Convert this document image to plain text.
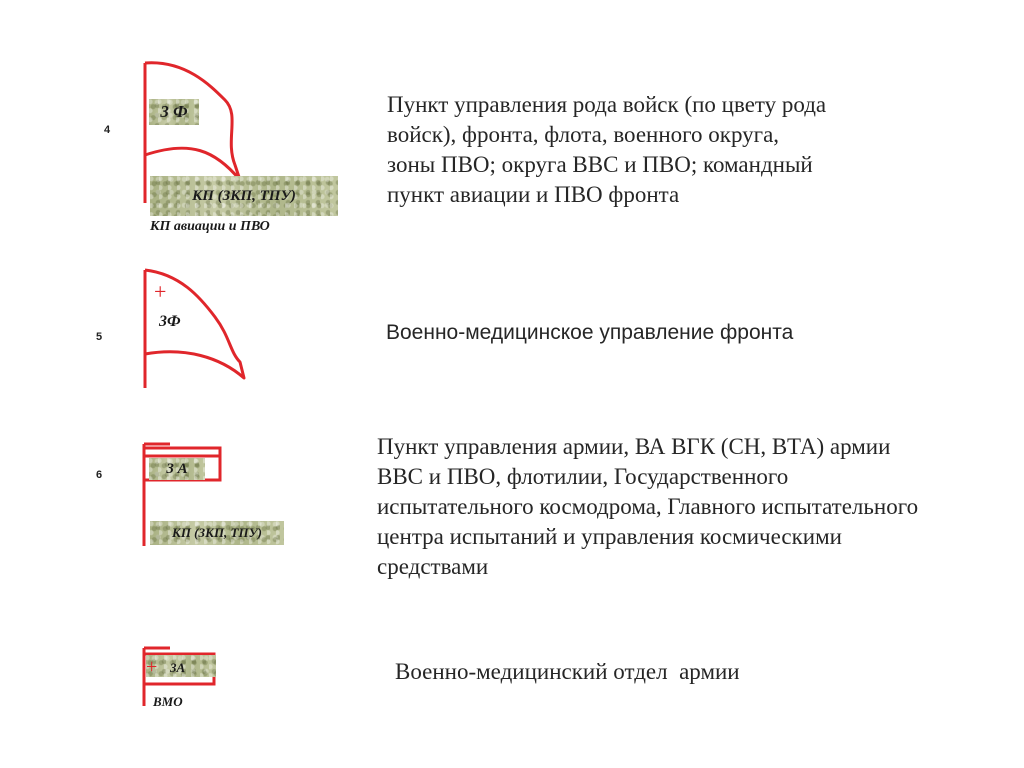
4
3 Ф
КП (ЗКП, ТПУ)
КП авиации и ПВО
Пункт управления рода войск (по цвету рода
войск), фронта, флота, военного округа,
зоны ПВО; округа ВВС и ПВО; командный
пункт авиации и ПВО фронта
5
+
3Ф	Военно-медицинское управление фронта
6	3 А
КП (ЗКП, ТПУ)
Пункт управления армии, ВА ВГК (СН, ВТА) армии
ВВС и ПВО, флотилии, Государственного
испытательного космодрома, Главного испытательного
центра испытаний и управления космическими
средствами
+ 3А
ВМО
Военно-медицинский отдел  армии
